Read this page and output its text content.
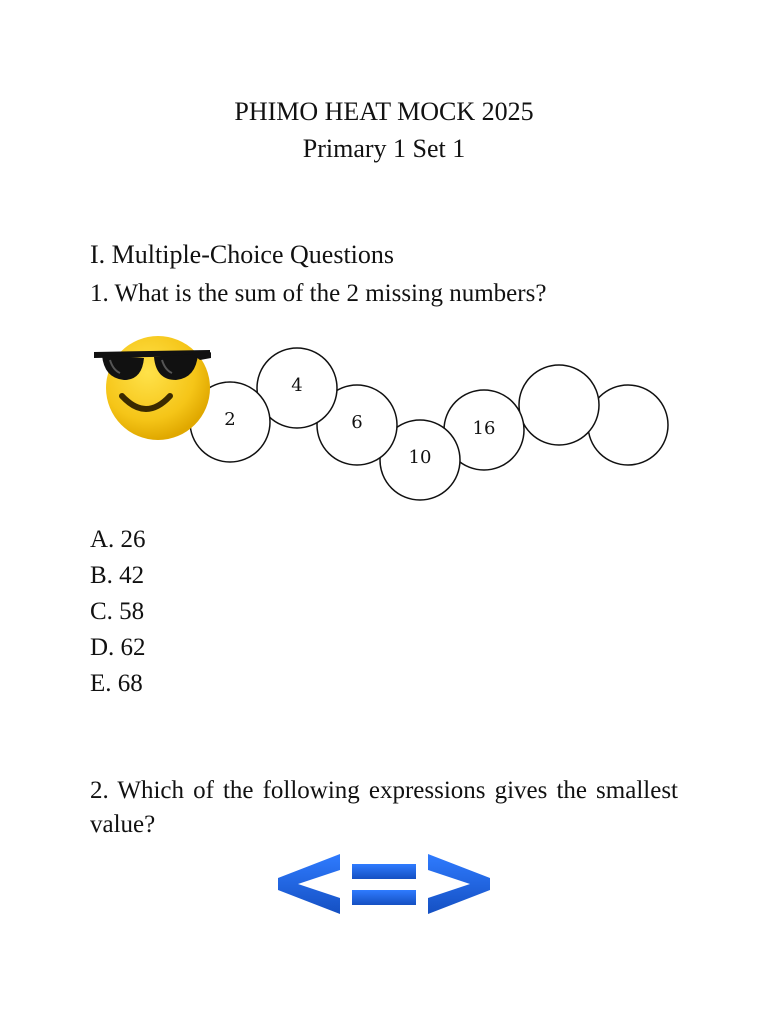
PHIMO HEAT MOCK 2025
Primary 1 Set 1
I. Multiple-Choice Questions
1. What is the sum of the 2 missing numbers?
2
4
6
10
16
A. 26
B. 42
C. 58
D. 62
E. 68
2. Which of the following expressions gives the smallest value?
